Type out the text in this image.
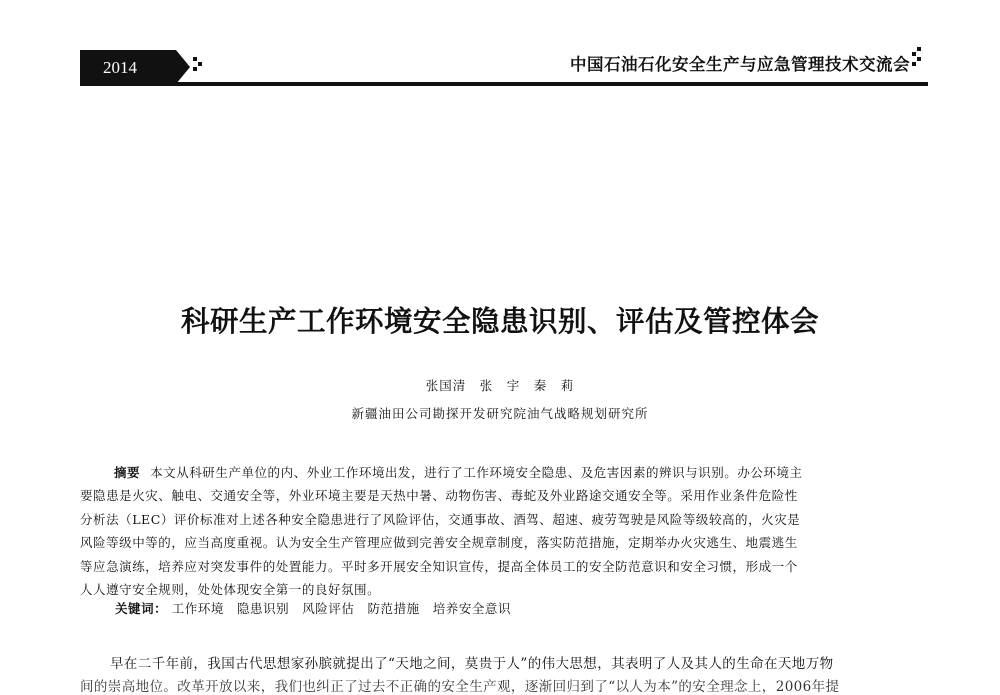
2014	中国石油石化安全生产与应急管理技术交流会
科研生产工作环境安全隐患识别、评估及管控体会
张国清　张　宇　秦　莉
新疆油田公司勘探开发研究院油气战略规划研究所
摘要 本文从科研生产单位的内、外业工作环境出发，进行了工作环境安全隐患、及危害因素的辨识与识别。办公环境主
要隐患是火灾、触电、交通安全等，外业环境主要是天热中暑、动物伤害、毒蛇及外业路途交通安全等。采用作业条件危险性
分析法（LEC）评价标准对上述各种安全隐患进行了风险评估，交通事故、酒驾、超速、疲劳驾驶是风险等级较高的，火灾是
风险等级中等的，应当高度重视。认为安全生产管理应做到完善安全规章制度，落实防范措施，定期举办火灾逃生、地震逃生
等应急演练，培养应对突发事件的处置能力。平时多开展安全知识宣传，提高全体员工的安全防范意识和安全习惯，形成一个
人人遵守安全规则，处处体现安全第一的良好氛围。
关键词： 工作环境　隐患识别　风险评估　防范措施　培养安全意识
早在二千年前，我国古代思想家孙膑就提出了“天地之间，莫贵于人”的伟大思想，其表明了人及其人的生命在天地万物
间的崇高地位。改革开放以来，我们也纠正了过去不正确的安全生产观，逐渐回归到了“以人为本”的安全理念上，2006年提
